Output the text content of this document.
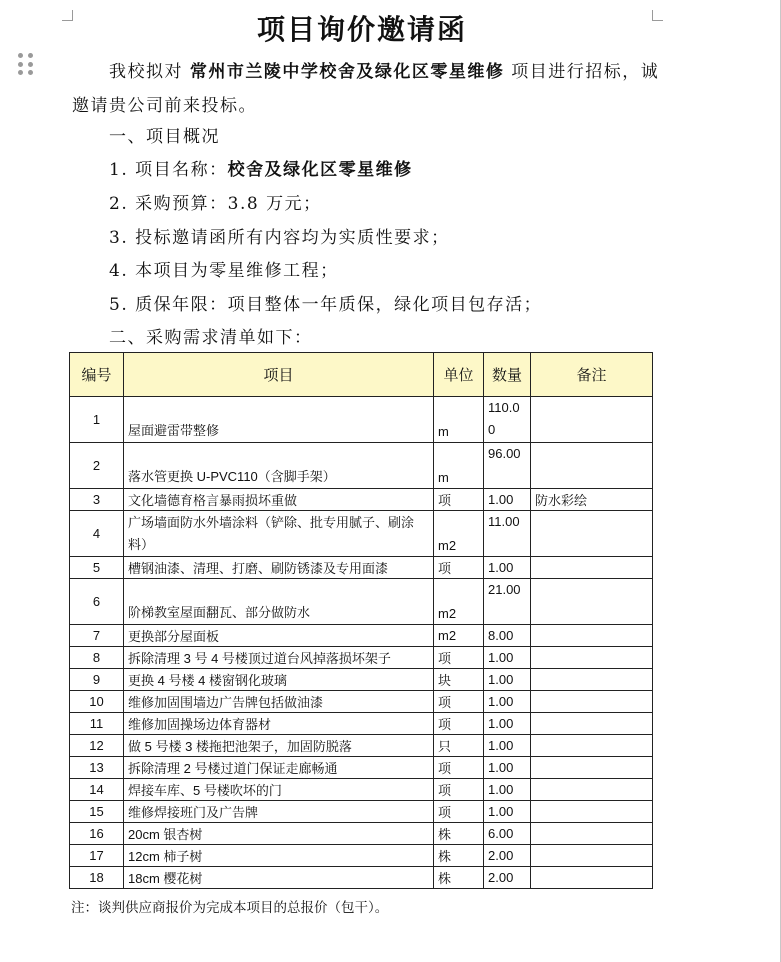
项目询价邀请函
我校拟对 常州市兰陵中学校舍及绿化区零星维修 项目进行招标，诚邀请贵公司前来投标。
一、项目概况
1. 项目名称：校舍及绿化区零星维修
2. 采购预算：3.8 万元；
3. 投标邀请函所有内容均为实质性要求；
4. 本项目为零星维修工程；
5. 质保年限：项目整体一年质保，绿化项目包存活；
二、采购需求清单如下：
编号	项目	单位	数量	备注
1	屋面避雷带整修	m	110.00	
2	落水管更换 U-PVC110（含脚手架）	m	96.00	
3	文化墙德育格言暴雨损坏重做	项	1.00	防水彩绘
4	广场墙面防水外墙涂料（铲除、批专用腻子、刷涂料）	m2	11.00	
5	槽钢油漆、清理、打磨、刷防锈漆及专用面漆	项	1.00	
6	阶梯教室屋面翻瓦、部分做防水	m2	21.00	
7	更换部分屋面板	m2	8.00	
8	拆除清理 3 号 4 号楼顶过道台风掉落损坏架子	项	1.00	
9	更换 4 号楼 4 楼窗钢化玻璃	块	1.00	
10	维修加固围墙边广告牌包括做油漆	项	1.00	
11	维修加固操场边体育器材	项	1.00	
12	做 5 号楼 3 楼拖把池架子，加固防脱落	只	1.00	
13	拆除清理 2 号楼过道门保证走廊畅通	项	1.00	
14	焊接车库、5 号楼吹坏的门	项	1.00	
15	维修焊接班门及广告牌	项	1.00	
16	20cm 银杏树	株	6.00	
17	12cm 柿子树	株	2.00	
18	18cm 樱花树	株	2.00	
注：谈判供应商报价为完成本项目的总报价（包干）。
